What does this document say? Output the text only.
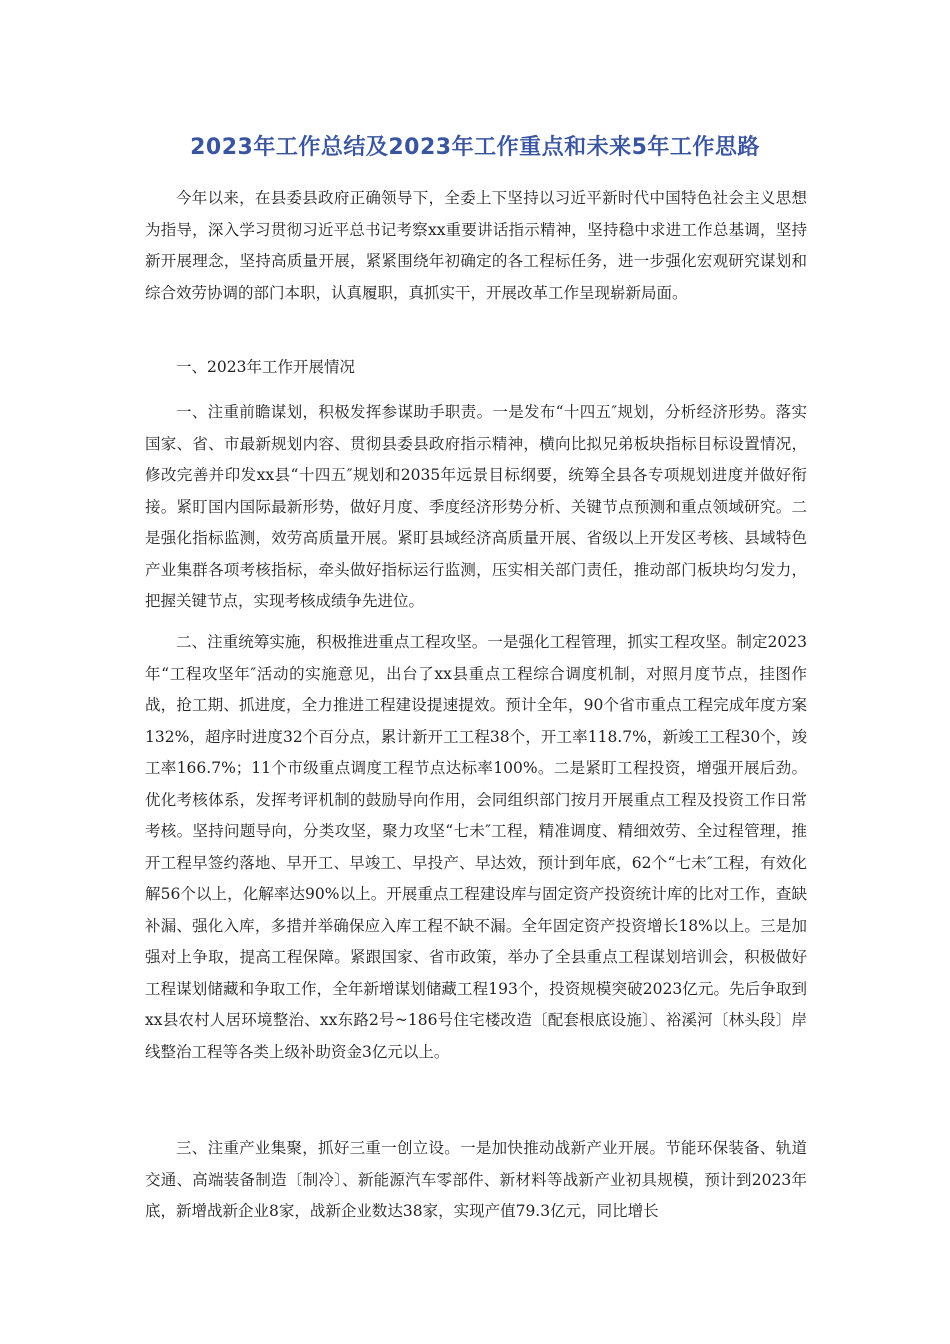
2023年工作总结及2023年工作重点和未来5年工作思路

今年以来，在县委县政府正确领导下，全委上下坚持以习近平新时代中国特色社会主义思想为指导，深入学习贯彻习近平总书记考察xx重要讲话指示精神，坚持稳中求进工作总基调，坚持新开展理念，坚持高质量开展，紧紧围绕年初确定的各工程标任务，进一步强化宏观研究谋划和综合效劳协调的部门本职，认真履职，真抓实干，开展改革工作呈现崭新局面。

一、2023年工作开展情况

一、注重前瞻谋划，积极发挥参谋助手职责。一是发布“十四五″规划，分析经济形势。落实国家、省、市最新规划内容、贯彻县委县政府指示精神，横向比拟兄弟板块指标目标设置情况，修改完善并印发xx县“十四五″规划和2035年远景目标纲要，统筹全县各专项规划进度并做好衔接。紧盯国内国际最新形势，做好月度、季度经济形势分析、关键节点预测和重点领域研究。二是强化指标监测，效劳高质量开展。紧盯县域经济高质量开展、省级以上开发区考核、县域特色产业集群各项考核指标，牵头做好指标运行监测，压实相关部门责任，推动部门板块均匀发力，把握关键节点，实现考核成绩争先进位。

二、注重统筹实施，积极推进重点工程攻坚。一是强化工程管理，抓实工程攻坚。制定2023年“工程攻坚年″活动的实施意见，出台了xx县重点工程综合调度机制，对照月度节点，挂图作战，抢工期、抓进度，全力推进工程建设提速提效。预计全年，90个省市重点工程完成年度方案132%，超序时进度32个百分点，累计新开工工程38个，开工率118.7%，新竣工工程30个，竣工率166.7%；11个市级重点调度工程节点达标率100%。二是紧盯工程投资，增强开展后劲。优化考核体系，发挥考评机制的鼓励导向作用，会同组织部门按月开展重点工程及投资工作日常考核。坚持问题导向，分类攻坚，聚力攻坚“七未″工程，精准调度、精细效劳、全过程管理，推开工程早签约落地、早开工、早竣工、早投产、早达效，预计到年底，62个“七未″工程，有效化解56个以上，化解率达90%以上。开展重点工程建设库与固定资产投资统计库的比对工作，查缺补漏、强化入库，多措并举确保应入库工程不缺不漏。全年固定资产投资增长18%以上。三是加强对上争取，提高工程保障。紧跟国家、省市政策，举办了全县重点工程谋划培训会，积极做好工程谋划储藏和争取工作，全年新增谋划储藏工程193个，投资规模突破2023亿元。先后争取到xx县农村人居环境整治、xx东路2号~186号住宅楼改造〔配套根底设施〕、裕溪河〔林头段〕岸线整治工程等各类上级补助资金3亿元以上。

三、注重产业集聚，抓好三重一创立设。一是加快推动战新产业开展。节能环保装备、轨道交通、高端装备制造〔制冷〕、新能源汽车零部件、新材料等战新产业初具规模，预计到2023年底，新增战新企业8家，战新企业数达38家，实现产值79.3亿元，同比增长
